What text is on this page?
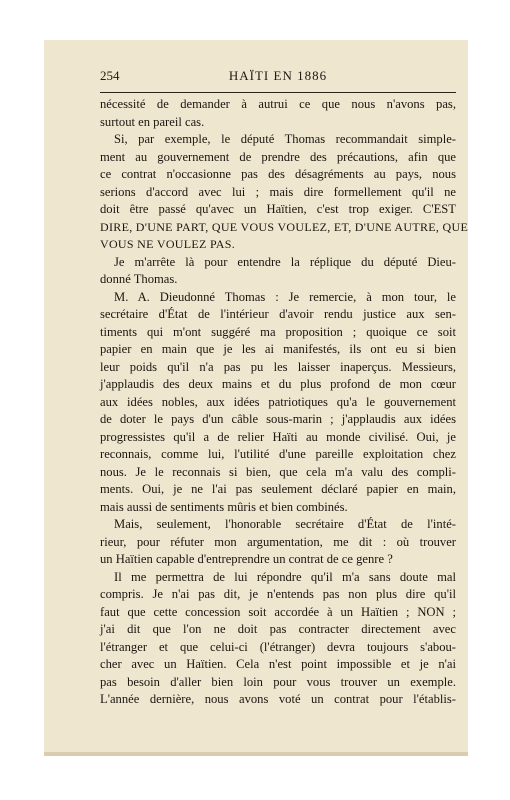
254	HAÏTI EN 1886
nécessité de demander à autrui ce que nous n'avons pas,
surtout en pareil cas.
Si, par exemple, le député Thomas recommandait simple-
ment au gouvernement de prendre des précautions, afin que
ce contrat n'occasionne pas des désagréments au pays, nous
serions d'accord avec lui ; mais dire formellement qu'il ne
doit être passé qu'avec un Haïtien, c'est trop exiger. C'EST
DIRE, D'UNE PART, QUE VOUS VOULEZ, ET, D'UNE AUTRE, QUE
VOUS NE VOULEZ PAS.
Je m'arrête là pour entendre la réplique du député Dieu-
donné Thomas.
M. A. Dieudonné Thomas : Je remercie, à mon tour, le
secrétaire d'État de l'intérieur d'avoir rendu justice aux sen-
timents qui m'ont suggéré ma proposition ; quoique ce soit
papier en main que je les ai manifestés, ils ont eu si bien
leur poids qu'il n'a pas pu les laisser inaperçus. Messieurs,
j'applaudis des deux mains et du plus profond de mon cœur
aux idées nobles, aux idées patriotiques qu'a le gouvernement
de doter le pays d'un câble sous-marin ; j'applaudis aux idées
progressistes qu'il a de relier Haïti au monde civilisé. Oui, je
reconnais, comme lui, l'utilité d'une pareille exploitation chez
nous. Je le reconnais si bien, que cela m'a valu des compli-
ments. Oui, je ne l'ai pas seulement déclaré papier en main,
mais aussi de sentiments mûris et bien combinés.
Mais, seulement, l'honorable secrétaire d'État de l'inté-
rieur, pour réfuter mon argumentation, me dit : où trouver
un Haïtien capable d'entreprendre un contrat de ce genre ?
Il me permettra de lui répondre qu'il m'a sans doute mal
compris. Je n'ai pas dit, je n'entends pas non plus dire qu'il
faut que cette concession soit accordée à un Haïtien ; NON ;
j'ai dit que l'on ne doit pas contracter directement avec
l'étranger et que celui-ci (l'étranger) devra toujours s'abou-
cher avec un Haïtien. Cela n'est point impossible et je n'ai
pas besoin d'aller bien loin pour vous trouver un exemple.
L'année dernière, nous avons voté un contrat pour l'établis-
